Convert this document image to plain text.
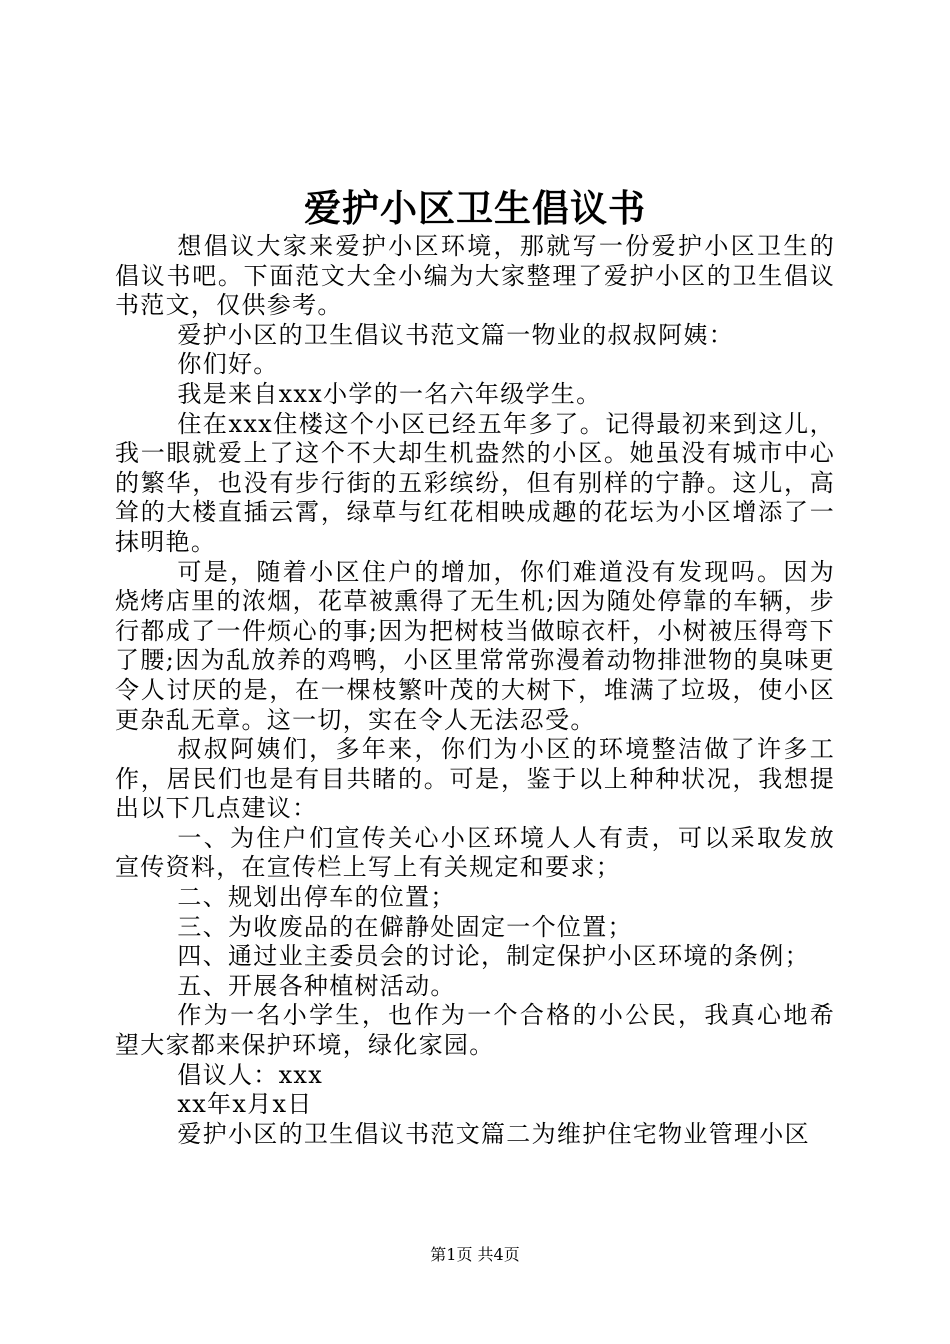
爱护小区卫生倡议书

想倡议大家来爱护小区环境，那就写一份爱护小区卫生的倡议书吧。下面范文大全小编为大家整理了爱护小区的卫生倡议书范文，仅供参考。

爱护小区的卫生倡议书范文篇一物业的叔叔阿姨：

你们好。

我是来自xxx小学的一名六年级学生。

住在xxx住楼这个小区已经五年多了。记得最初来到这儿，我一眼就爱上了这个不大却生机盎然的小区。她虽没有城市中心的繁华，也没有步行街的五彩缤纷，但有别样的宁静。这儿，高耸的大楼直插云霄，绿草与红花相映成趣的花坛为小区增添了一抹明艳。

可是，随着小区住户的增加，你们难道没有发现吗。因为烧烤店里的浓烟，花草被熏得了无生机;因为随处停靠的车辆，步行都成了一件烦心的事;因为把树枝当做晾衣杆，小树被压得弯下了腰;因为乱放养的鸡鸭，小区里常常弥漫着动物排泄物的臭味更令人讨厌的是，在一棵枝繁叶茂的大树下，堆满了垃圾，使小区更杂乱无章。这一切，实在令人无法忍受。

叔叔阿姨们，多年来，你们为小区的环境整洁做了许多工作，居民们也是有目共睹的。可是，鉴于以上种种状况，我想提出以下几点建议：

一、为住户们宣传关心小区环境人人有责，可以采取发放宣传资料，在宣传栏上写上有关规定和要求；

二、规划出停车的位置；

三、为收废品的在僻静处固定一个位置；

四、通过业主委员会的讨论，制定保护小区环境的条例；

五、开展各种植树活动。

作为一名小学生，也作为一个合格的小公民，我真心地希望大家都来保护环境，绿化家园。

倡议人：xxx

xx年x月x日

爱护小区的卫生倡议书范文篇二为维护住宅物业管理小区

第1页 共4页
